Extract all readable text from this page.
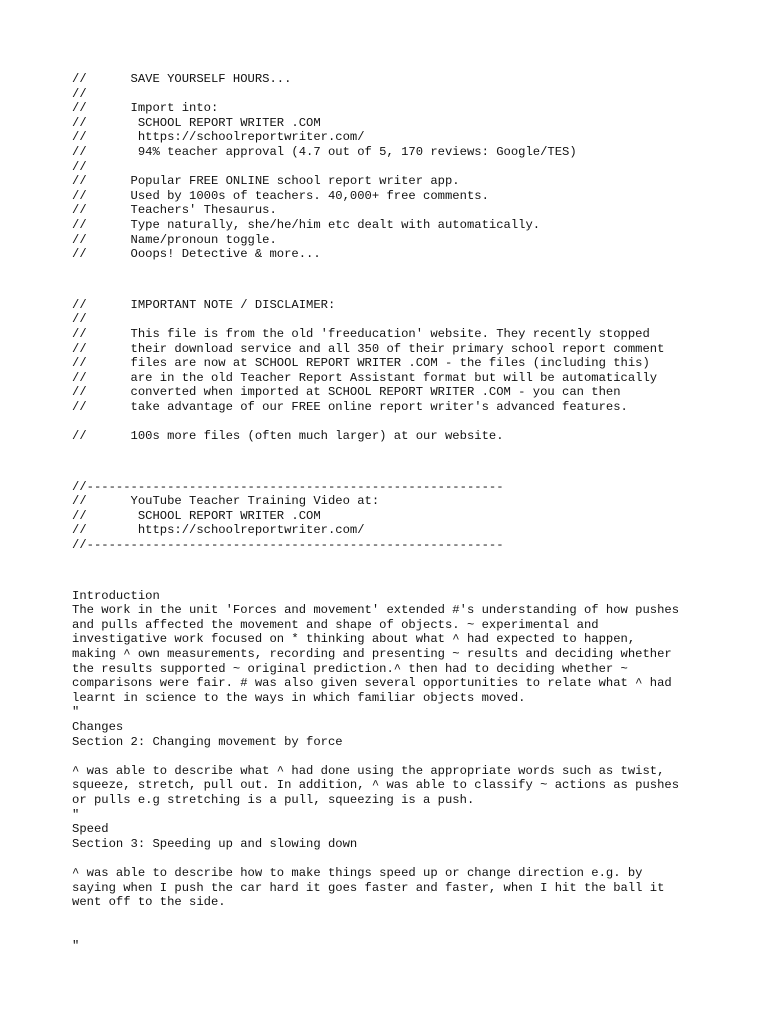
//      SAVE YOURSELF HOURS...
//
//      Import into:
//       SCHOOL REPORT WRITER .COM
//       https://schoolreportwriter.com/
//       94% teacher approval (4.7 out of 5, 170 reviews: Google/TES)
//
//      Popular FREE ONLINE school report writer app.
//      Used by 1000s of teachers. 40,000+ free comments.
//      Teachers' Thesaurus.
//      Type naturally, she/he/him etc dealt with automatically.
//      Name/pronoun toggle.
//      Ooops! Detective & more...
//      IMPORTANT NOTE / DISCLAIMER:
//
//      This file is from the old 'freeducation' website. They recently stopped
//      their download service and all 350 of their primary school report comment
//      files are now at SCHOOL REPORT WRITER .COM - the files (including this)
//      are in the old Teacher Report Assistant format but will be automatically
//      converted when imported at SCHOOL REPORT WRITER .COM - you can then
//      take advantage of our FREE online report writer's advanced features.
//      100s more files (often much larger) at our website.
//---------------------------------------------------------
//      YouTube Teacher Training Video at:
//       SCHOOL REPORT WRITER .COM
//       https://schoolreportwriter.com/
//---------------------------------------------------------
Introduction
The work in the unit 'Forces and movement' extended #'s understanding of how pushes
and pulls affected the movement and shape of objects. ~ experimental and
investigative work focused on * thinking about what ^ had expected to happen,
making ^ own measurements, recording and presenting ~ results and deciding whether
the results supported ~ original prediction.^ then had to deciding whether ~
comparisons were fair. # was also given several opportunities to relate what ^ had
learnt in science to the ways in which familiar objects moved.
"
Changes
Section 2: Changing movement by force
^ was able to describe what ^ had done using the appropriate words such as twist,
squeeze, stretch, pull out. In addition, ^ was able to classify ~ actions as pushes
or pulls e.g stretching is a pull, squeezing is a push.
"
Speed
Section 3: Speeding up and slowing down
^ was able to describe how to make things speed up or change direction e.g. by
saying when I push the car hard it goes faster and faster, when I hit the ball it
went off to the side.
"
